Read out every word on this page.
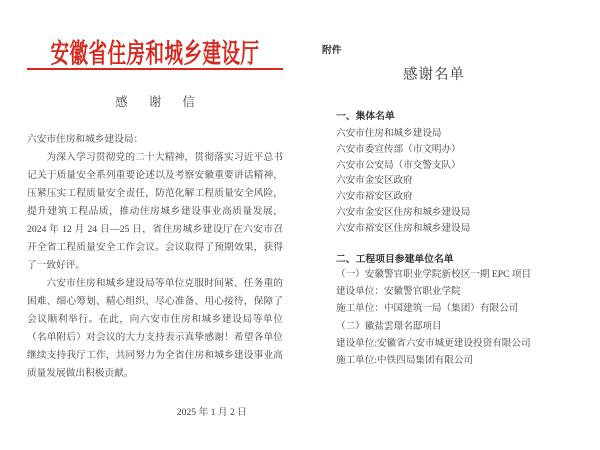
安徽省住房和城乡建设厅
感 谢 信

六安市住房和城乡建设局：

为深入学习贯彻党的二十大精神，贯彻落实习近平总书记关于质量安全系列重要论述以及考察安徽重要讲话精神，压紧压实工程质量安全责任，防范化解工程质量安全风险，提升建筑工程品质，推动住房城乡建设事业高质量发展，2024 年 12 月 24 日—25 日，省住房城乡建设厅在六安市召开全省工程质量安全工作会议。会议取得了预期效果，获得了一致好评。

六安市住房和城乡建设局等单位克服时间紧、任务重的困难、细心筹划、精心组织、尽心准备、用心接待，保障了会议顺利举行。在此，向六安市住房和城乡建设局等单位（名单附后）对会议的大力支持表示真挚感谢！希望各单位继续支持我厅工作，共同努力为全省住房和城乡建设事业高质量发展做出积极贡献。

2025 年 1 月 2 日
附件
感谢名单
一、集体名单
六安市住房和城乡建设局
六安市委宣传部（市文明办）
六安市公安局（市交警支队）
六安市金安区政府
六安市裕安区政府
六安市金安区住房和城乡建设局
六安市裕安区住房和城乡建设局
二、工程项目参建单位名单
（一）安徽警官职业学院新校区一期 EPC 项目
建设单位：安徽警官职业学院
施工单位：中国建筑一局（集团）有限公司
（二）徽盐雲璟名邸项目
建设单位:安徽省六安市城更建设投资有限公司
施工单位:中铁四局集团有限公司
